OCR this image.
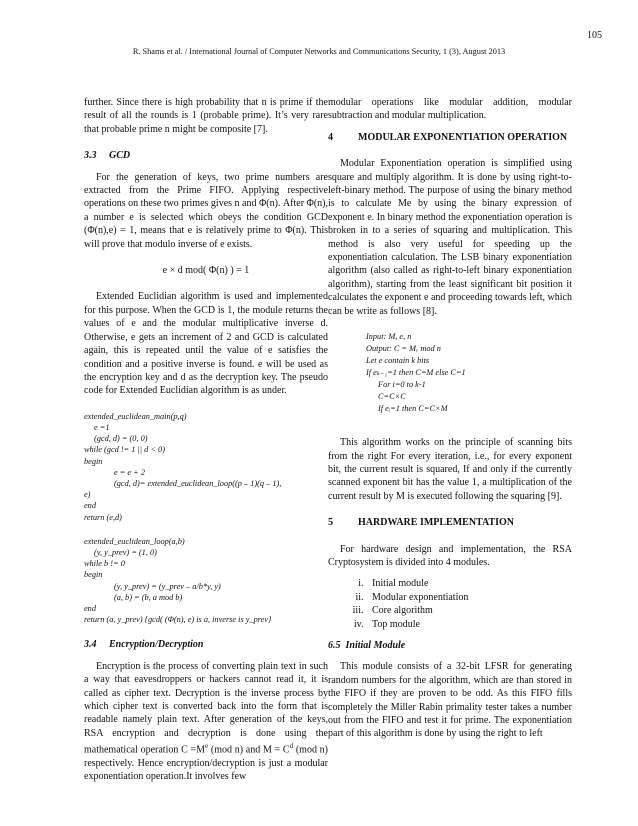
105
R. Shams et al. / International Journal of Computer Networks and Communications Security, 1 (3), August 2013

further. Since there is high probability that n is prime if the result of all the rounds is 1 (probable prime). It’s very rare that probable prime n might be composite [7].

3.3 GCD

For the generation of keys, two prime numbers are extracted from the Prime FIFO. Applying respective operations on these two primes gives n and Φ(n). After Φ(n), a number e is selected which obeys the condition GCD (Φ(n),e) = 1, means that e is relatively prime to Φ(n). This will prove that modulo inverse of e exists.

e × d mod( Φ(n) ) = 1

Extended Euclidian algorithm is used and implemented for this purpose. When the GCD is 1, the module returns the values of e and the modular multiplicative inverse d. Otherwise, e gets an increment of 2 and GCD is calculated again, this is repeated until the value of e satisfies the condition and a positive inverse is found. e will be used as the encryption key and d as the decryption key. The pseudo code for Extended Euclidian algorithm is as under.

extended_euclidean_main(p,q)
e =1
(gcd, d) = (0, 0)
while (gcd != 1 || d < 0)
begin
e = e + 2
(gcd, d)= extended_euclidean_loop((p – 1)(q – 1),
e)
end
return (e,d)
extended_euclidean_loop(a,b)
(y, y_prev) = (1, 0)
while b != 0
begin
(y, y_prev) = (y_prev – a/b*y, y)
(a, b) = (b, a mod b)
end
return (a, y_prev) {gcd( (Φ(n), e) is a, inverse is y_prev}
3.4 Encryption/Decryption

Encryption is the process of converting plain text in such a way that eavesdroppers or hackers cannot read it, it is called as cipher text. Decryption is the inverse process by which cipher text is converted back into the form that is readable namely plain text. After generation of the keys, RSA encryption and decryption is done using the mathematical operation $C =M^e$ (mod n) and $M = C^d$ (mod n) respectively. Hence encryption/decryption is just a modular exponentiation operation.It involves few

modular operations like modular addition, modular subtraction and modular multiplication.

4	MODULAR EXPONENTIATION OPERATION

Modular Exponentiation operation is simplified using square and multiply algorithm. It is done by using right-to-left-binary method. The purpose of using the binary method is to calculate Me by using the binary expression of exponent e. In binary method the exponentiation operation is broken in to a series of squaring and multiplication. This method is also very useful for speeding up the exponentiation calculation. The LSB binary exponentiation algorithm (also called as right-to-left binary exponentiation algorithm), starting from the least significant bit position it calculates the exponent e and proceeding towards left, which can be write as follows [8].

Input: M, e, n
Output: C = Mₑ mod n
Let e contain k bits
If eₖ₋₁=1 then C=M else C=1
For i=0 to k-1
C=C×C
If eᵢ=1 then C=C×M

This algorithm works on the principle of scanning bits from the right For every iteration, i.e., for every exponent bit, the current result is squared, If and only if the currently scanned exponent bit has the value 1, a multiplication of the current result by M is executed following the squaring [9].

5	HARDWARE IMPLEMENTATION

For hardware design and implementation, the RSA Cryptosystem is divided into 4 modules.

i. Initial module
ii. Modular exponentiation
iii. Core algorithm
iv. Top module
6.5 Initial Module

This module consists of a 32-bit LFSR for generating random numbers for the algorithm, which are than stored in the FIFO if they are proven to be odd. As this FIFO fills completely the Miller Rabin primality tester takes a number out from the FIFO and test it for prime. The exponentiation part of this algorithm is done by using the right to left
